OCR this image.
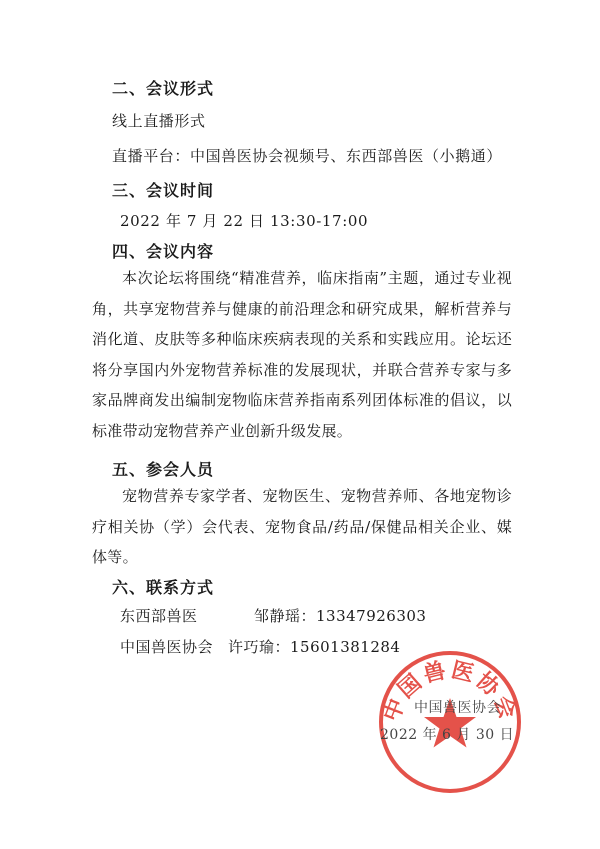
二、会议形式
线上直播形式
直播平台：中国兽医协会视频号、东西部兽医（小鹅通）
三、会议时间
2022 年 7 月 22 日 13:30-17:00
四、会议内容
本次论坛将围绕“精准营养，临床指南”主题，通过专业视角，共享宠物营养与健康的前沿理念和研究成果，解析营养与消化道、皮肤等多种临床疾病表现的关系和实践应用。论坛还将分享国内外宠物营养标准的发展现状，并联合营养专家与多家品牌商发出编制宠物临床营养指南系列团体标准的倡议，以标准带动宠物营养产业创新升级发展。
五、参会人员
宠物营养专家学者、宠物医生、宠物营养师、各地宠物诊疗相关协（学）会代表、宠物食品/药品/保健品相关企业、媒体等。
六、联系方式
东西部兽医	邹静瑶：13347926303
中国兽医协会 许巧瑜：15601381284
中国兽医协会
中国兽医协会
2022 年 6 月 30 日
